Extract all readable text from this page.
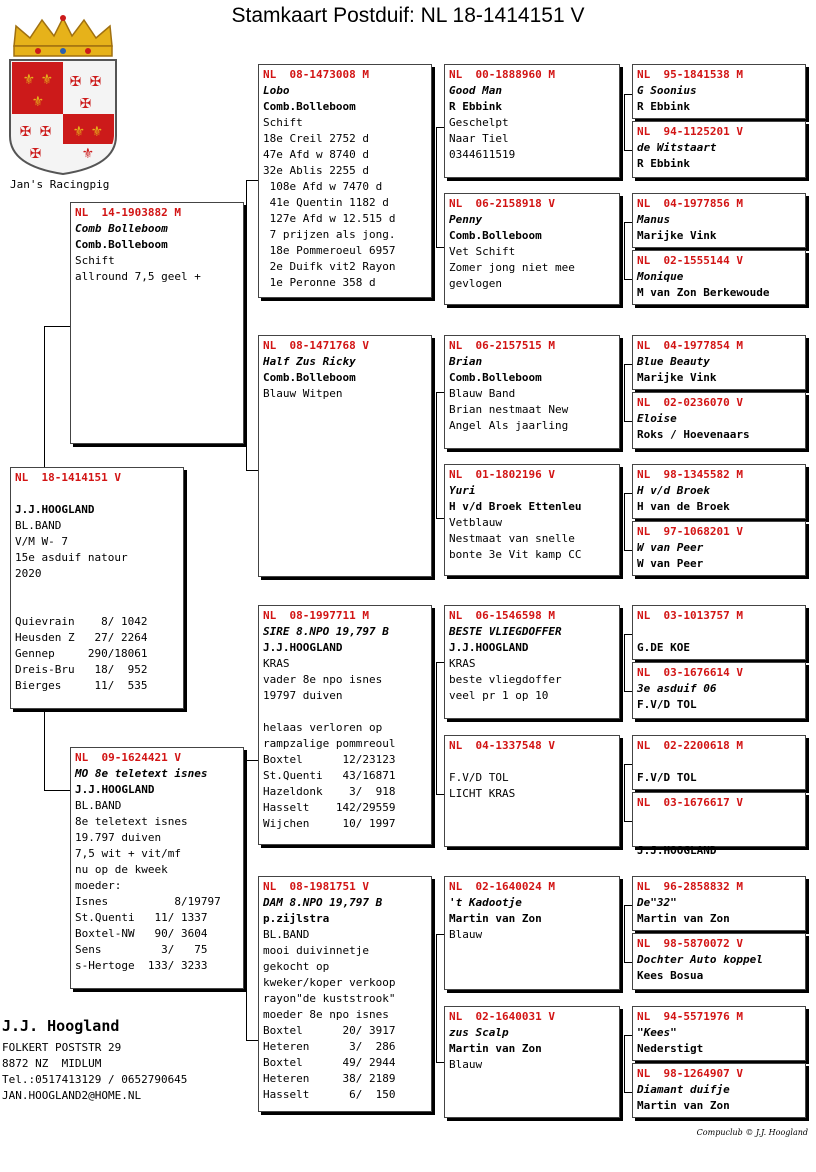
Stamkaart Postduif: NL 18-1414151 V
⚜ ⚜
⚜
✠ ✠
✠
✠ ✠
✠
⚜ ⚜
⚜
Jan's Racingpig
NL  18-1414151 V
J.J.HOOGLAND
BL.BAND
V/M W- 7
15e asduif natour
2020
Quievrain    8/ 1042
Heusden Z   27/ 2264
Gennep     290/18061
Dreis-Bru   18/  952
Bierges     11/  535
NL  14-1903882 M
Comb Bolleboom
Comb.Bolleboom
Schift
allround 7,5 geel +
NL  09-1624421 V
MO 8e teletext isnes
J.J.HOOGLAND
BL.BAND
8e teletext isnes
19.797 duiven
7,5 wit + vit/mf
nu op de kweek
moeder:
Isnes          8/19797
St.Quenti   11/ 1337
Boxtel-NW   90/ 3604
Sens         3/   75
s-Hertoge  133/ 3233
NL  08-1473008 M
Lobo
Comb.Bolleboom
Schift
18e Creil 2752 d
47e Afd w 8740 d
32e Ablis 2255 d
108e Afd w 7470 d
41e Quentin 1182 d
127e Afd w 12.515 d
7 prijzen als jong.
18e Pommeroeul 6957
2e Duifk vit2 Rayon
1e Peronne 358 d
NL  08-1471768 V
Half Zus Ricky
Comb.Bolleboom
Blauw Witpen
NL  08-1997711 M
SIRE 8.NPO 19,797 B
J.J.HOOGLAND
KRAS
vader 8e npo isnes
19797 duiven
helaas verloren op
rampzalige pommreoul
Boxtel      12/23123
St.Quenti   43/16871
Hazeldonk    3/  918
Hasselt    142/29559
Wijchen     10/ 1997
NL  08-1981751 V
DAM 8.NPO 19,797 B
p.zijlstra
BL.BAND
mooi duivinnetje
gekocht op
kweker/koper verkoop
rayon"de kuststrook"
moeder 8e npo isnes
Boxtel      20/ 3917
Heteren      3/  286
Boxtel      49/ 2944
Heteren     38/ 2189
Hasselt      6/  150
NL  00-1888960 M
Good Man
R Ebbink
Geschelpt
Naar Tiel
0344611519
NL  06-2158918 V
Penny
Comb.Bolleboom
Vet Schift
Zomer jong niet mee
gevlogen
NL  06-2157515 M
Brian
Comb.Bolleboom
Blauw Band
Brian nestmaat New
Angel Als jaarling
NL  01-1802196 V
Yuri
H v/d Broek Ettenleu
Vetblauw
Nestmaat van snelle
bonte 3e Vit kamp CC
NL  06-1546598 M
BESTE VLIEGDOFFER
J.J.HOOGLAND
KRAS
beste vliegdoffer
veel pr 1 op 10
NL  04-1337548 V
F.V/D TOL
LICHT KRAS
NL  02-1640024 M
't Kadootje
Martin van Zon
Blauw
NL  02-1640031 V
zus Scalp
Martin van Zon
Blauw
NL  95-1841538 M
G Soonius
R Ebbink
NL  94-1125201 V
de Witstaart
R Ebbink
NL  04-1977856 M
Manus
Marijke Vink
NL  02-1555144 V
Monique
M van Zon Berkewoude
NL  04-1977854 M
Blue Beauty
Marijke Vink
NL  02-0236070 V
Eloise
Roks / Hoevenaars
NL  98-1345582 M
H v/d Broek
H van de Broek
NL  97-1068201 V
W van Peer
W van Peer
NL  03-1013757 M
G.DE KOE
NL  03-1676614 V
3e asduif 06
F.V/D TOL
NL  02-2200618 M
F.V/D TOL
NL  03-1676617 V
J.J.HOOGLAND
NL  96-2858832 M
De"32"
Martin van Zon
NL  98-5870072 V
Dochter Auto koppel
Kees Bosua
NL  94-5571976 M
"Kees"
Nederstigt
NL  98-1264907 V
Diamant duifje
Martin van Zon
J.J. Hoogland
FOLKERT POSTSTR 29
8872 NZ  MIDLUM
Tel.:0517413129 / 0652790645
JAN.HOOGLAND2@HOME.NL
Compuclub © J.J. Hoogland
